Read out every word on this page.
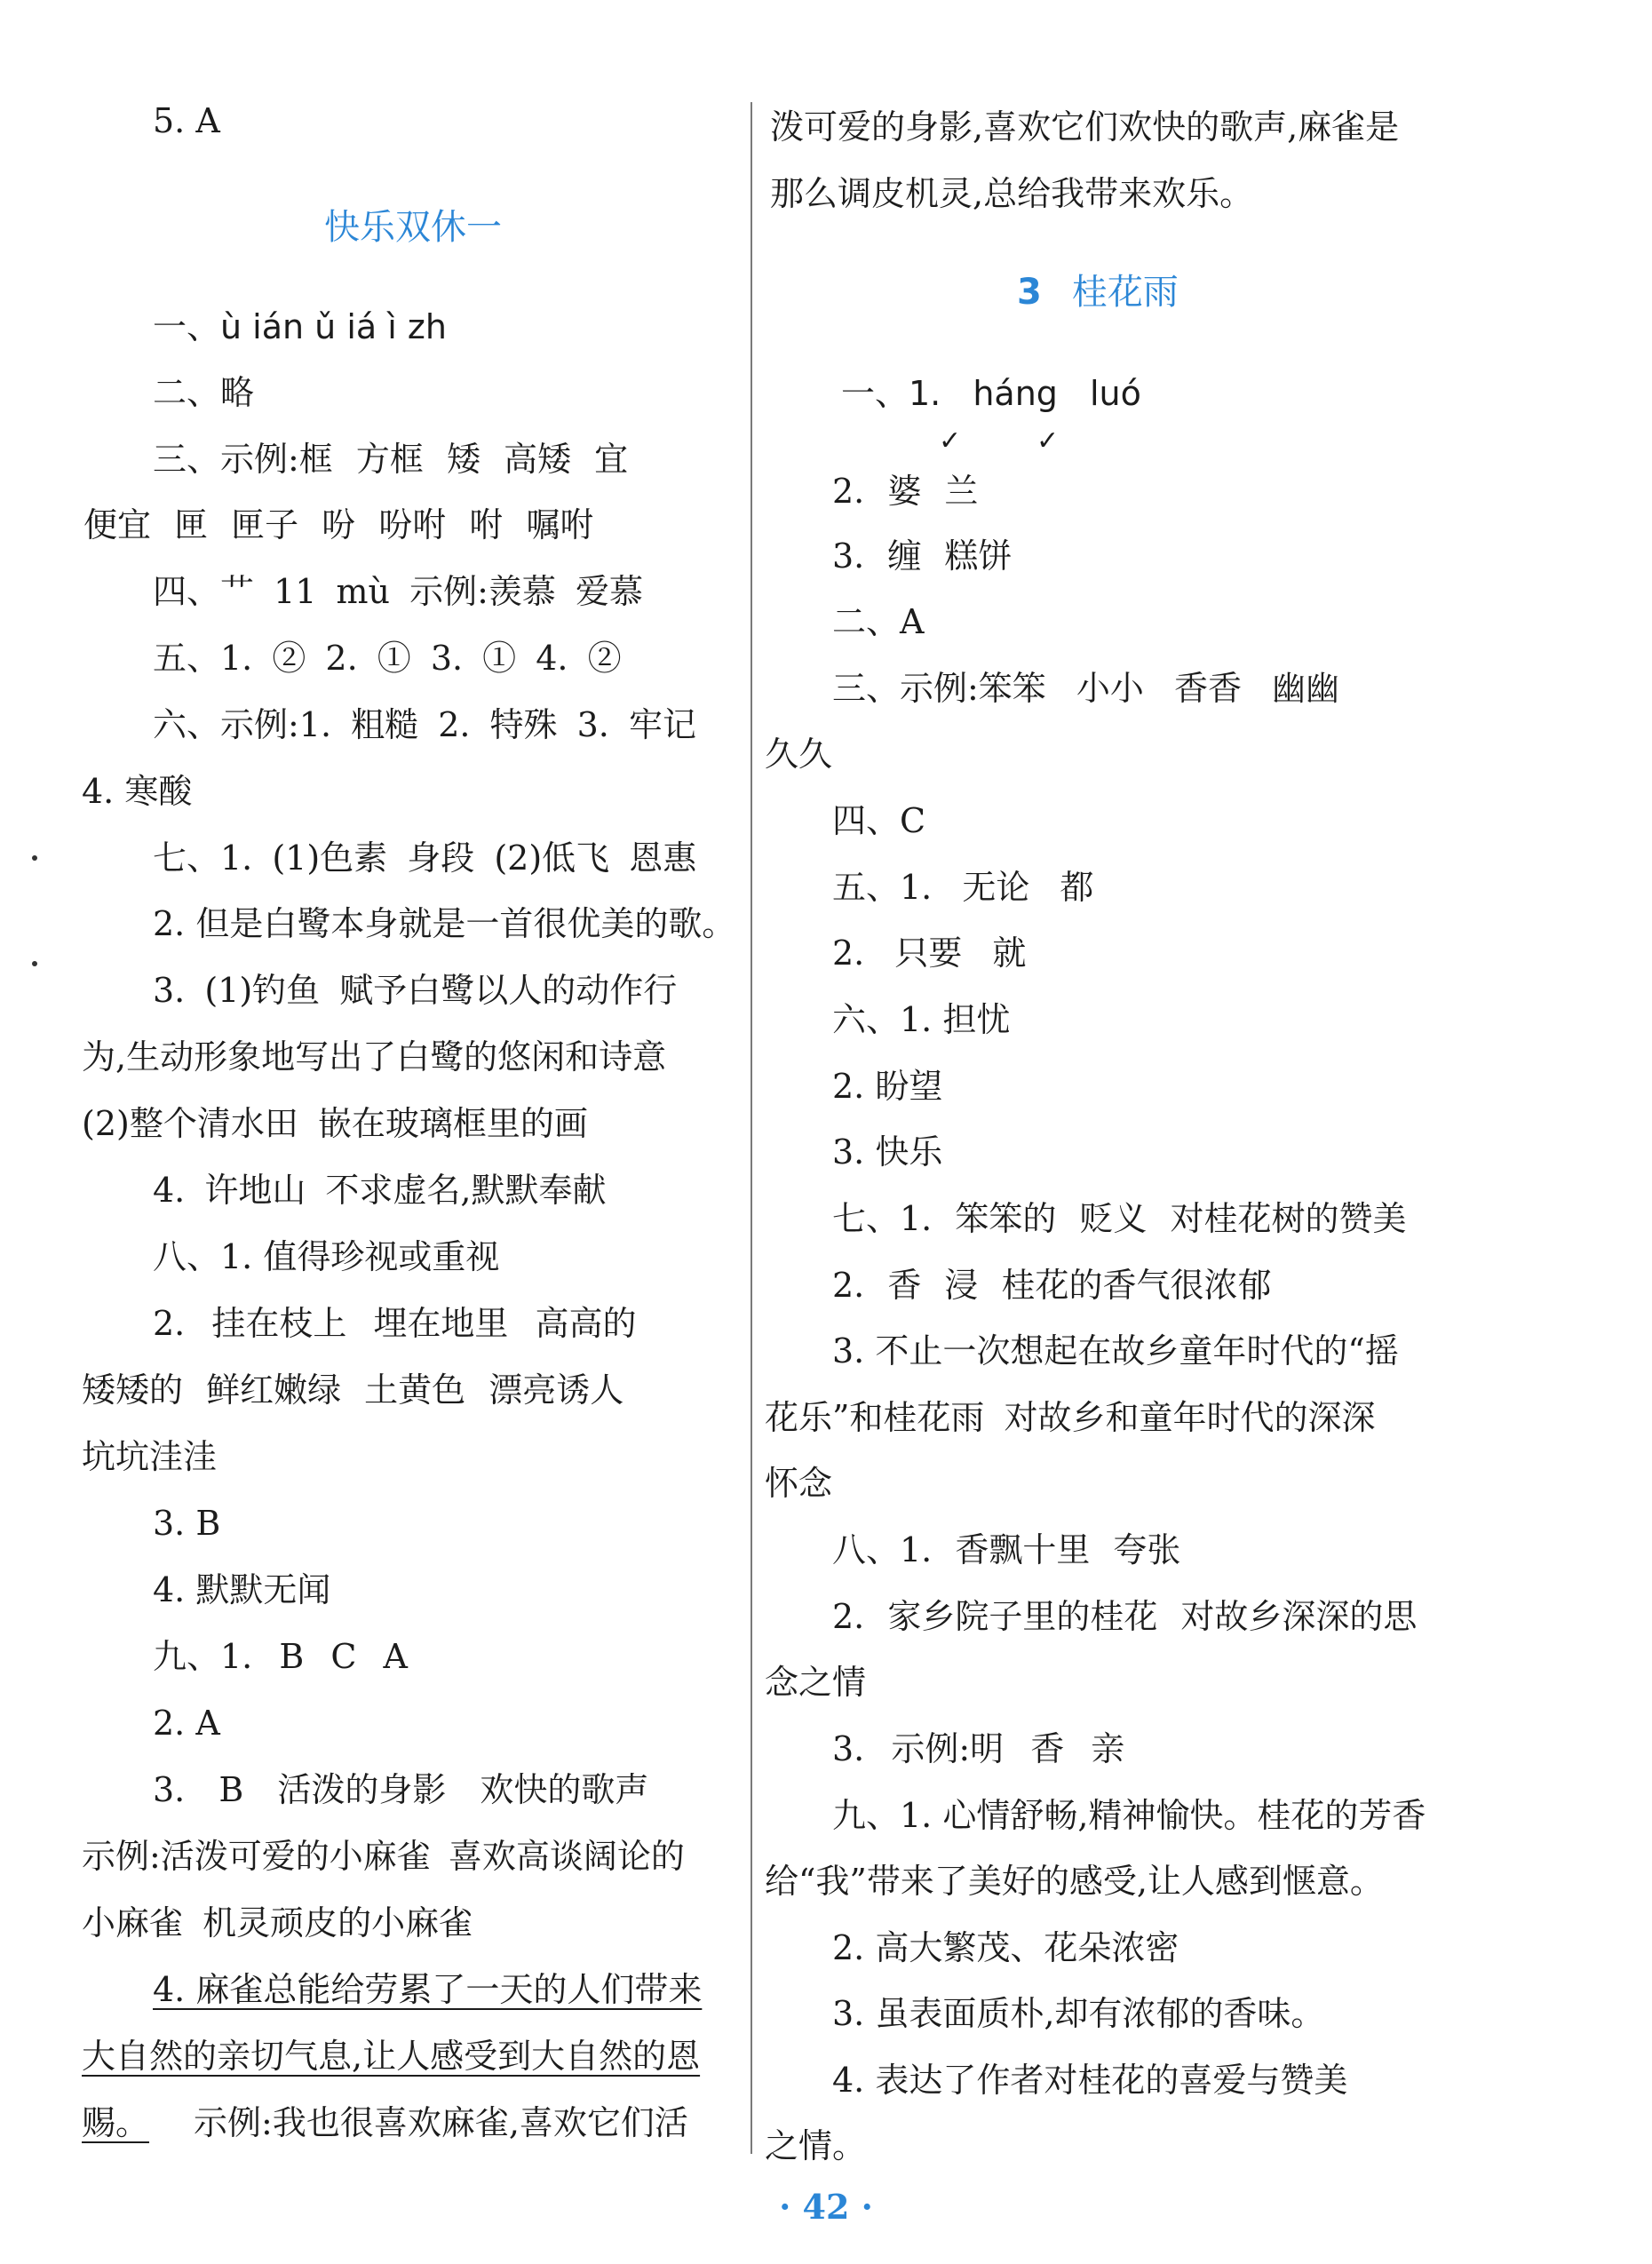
5. A
快乐双休一
一、ù ián ǔ iá ì zh
二、略
三、示例:框 方框 矮 高矮 宜
便宜 匣 匣子 吩 吩咐 咐 嘱咐
四、艹 11 mù 示例:羡慕 爱慕
五、1. ② 2. ① 3. ① 4. ②
六、示例:1. 粗糙 2. 特殊 3. 牢记
4. 寒酸
七、1. (1)色素 身段 (2)低飞 恩惠
2. 但是白鹭本身就是一首很优美的歌。
3. (1)钓鱼 赋予白鹭以人的动作行
为,生动形象地写出了白鹭的悠闲和诗意
(2)整个清水田 嵌在玻璃框里的画
4. 许地山 不求虚名,默默奉献
八、1. 值得珍视或重视
2. 挂在枝上 埋在地里 高高的
矮矮的 鲜红嫩绿 土黄色 漂亮诱人
坑坑洼洼
3. B
4. 默默无闻
九、1. B C A
2. A
3. B 活泼的身影 欢快的歌声
示例:活泼可爱的小麻雀 喜欢高谈阔论的
小麻雀 机灵顽皮的小麻雀
4. 麻雀总能给劳累了一天的人们带来
大自然的亲切气息,让人感受到大自然的恩
赐。 示例:我也很喜欢麻雀,喜欢它们活
泼可爱的身影,喜欢它们欢快的歌声,麻雀是
那么调皮机灵,总给我带来欢乐。
3 桂花雨
一、1. háng luó
✓	✓
2. 婆 兰
3. 缠 糕饼
二、A
三、示例:笨笨 小小 香香 幽幽
久久
四、C
五、1. 无论 都
2. 只要 就
六、1. 担忧
2. 盼望
3. 快乐
七、1. 笨笨的 贬义 对桂花树的赞美
2. 香 浸 桂花的香气很浓郁
3. 不止一次想起在故乡童年时代的“摇
花乐”和桂花雨 对故乡和童年时代的深深
怀念
八、1. 香飘十里 夸张
2. 家乡院子里的桂花 对故乡深深的思
念之情
3. 示例:明 香 亲
九、1. 心情舒畅,精神愉快。桂花的芳香
给“我”带来了美好的感受,让人感到惬意。
2. 高大繁茂、花朵浓密
3. 虽表面质朴,却有浓郁的香味。
4. 表达了作者对桂花的喜爱与赞美
之情。
· 42 ·
